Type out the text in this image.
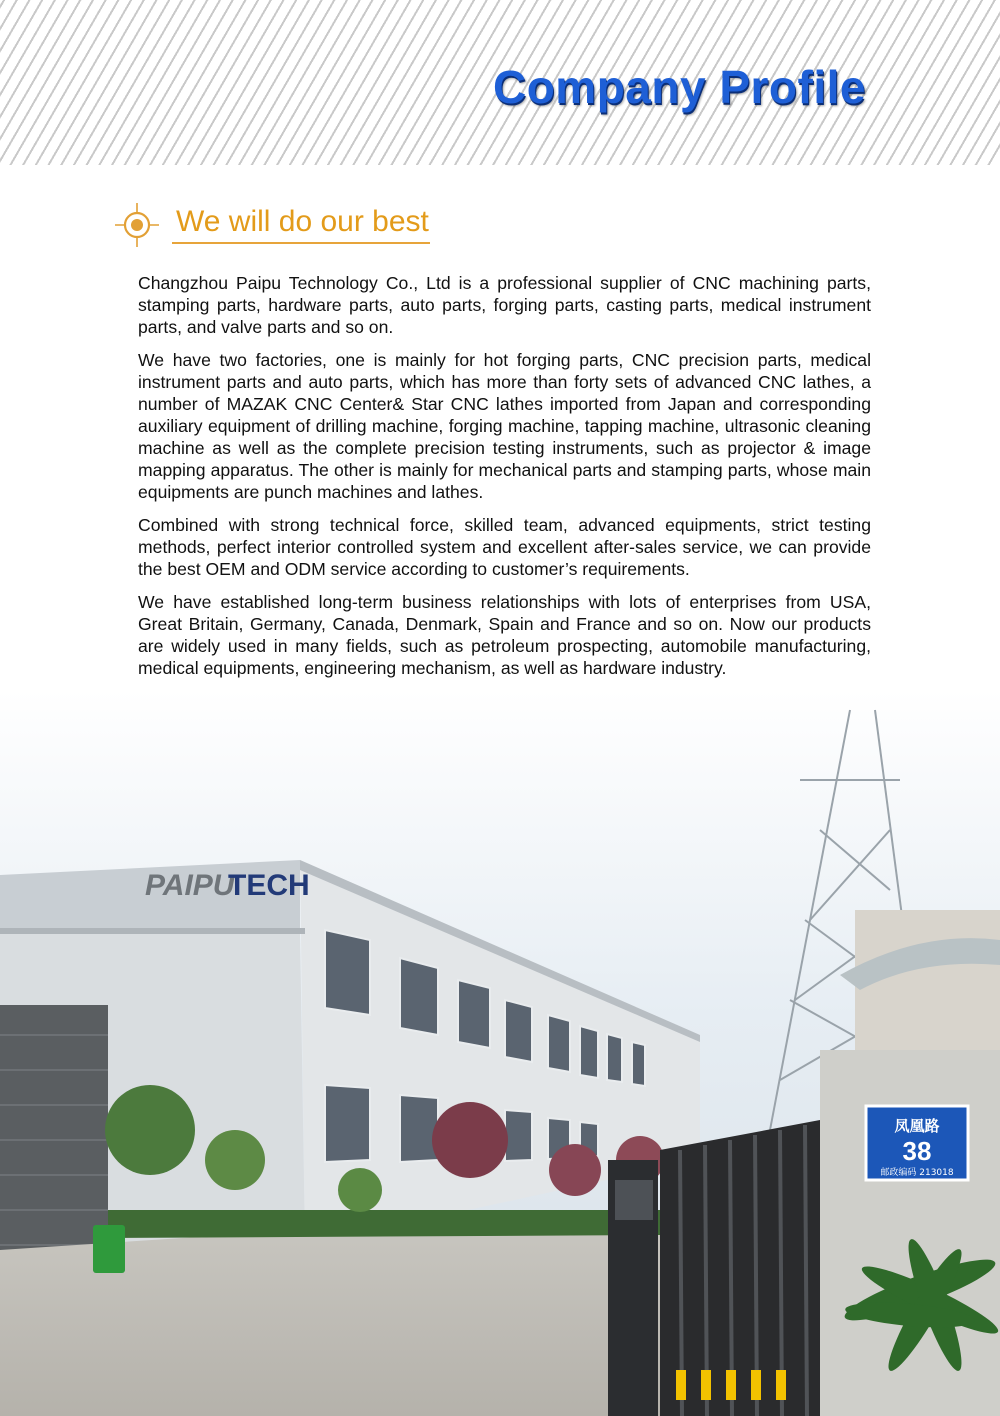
Company Profile
We will do our best

Changzhou Paipu Technology Co., Ltd is a professional supplier of CNC machining parts, stamping parts, hardware parts, auto parts, forging parts, casting parts, medical instrument parts, and valve parts and so on.

We have two factories, one is mainly for hot forging parts, CNC precision parts, medical instrument parts and auto parts, which has more than forty sets of advanced CNC lathes, a number of MAZAK CNC Center& Star CNC lathes imported from Japan and corresponding auxiliary equipment of drilling machine, forging machine, tapping machine, ultrasonic cleaning machine as well as the complete precision testing instruments, such as projector & image mapping apparatus. The other is mainly for mechanical parts and stamping parts, whose main equipments are punch machines and lathes.

Combined with strong technical force, skilled team, advanced equipments, strict testing methods, perfect interior controlled system and excellent after-sales service, we can provide the best OEM and ODM service according to customer’s requirements.

We have established long-term business relationships with lots of enterprises from USA, Great Britain, Germany, Canada, Denmark, Spain and France and so on. Now our products are widely used in many fields, such as petroleum prospecting, automobile manufacturing, medical equipments, engineering mechanism, as well as hardware industry.

PAIPU
TECH
凤凰路
38
邮政编码 213018
